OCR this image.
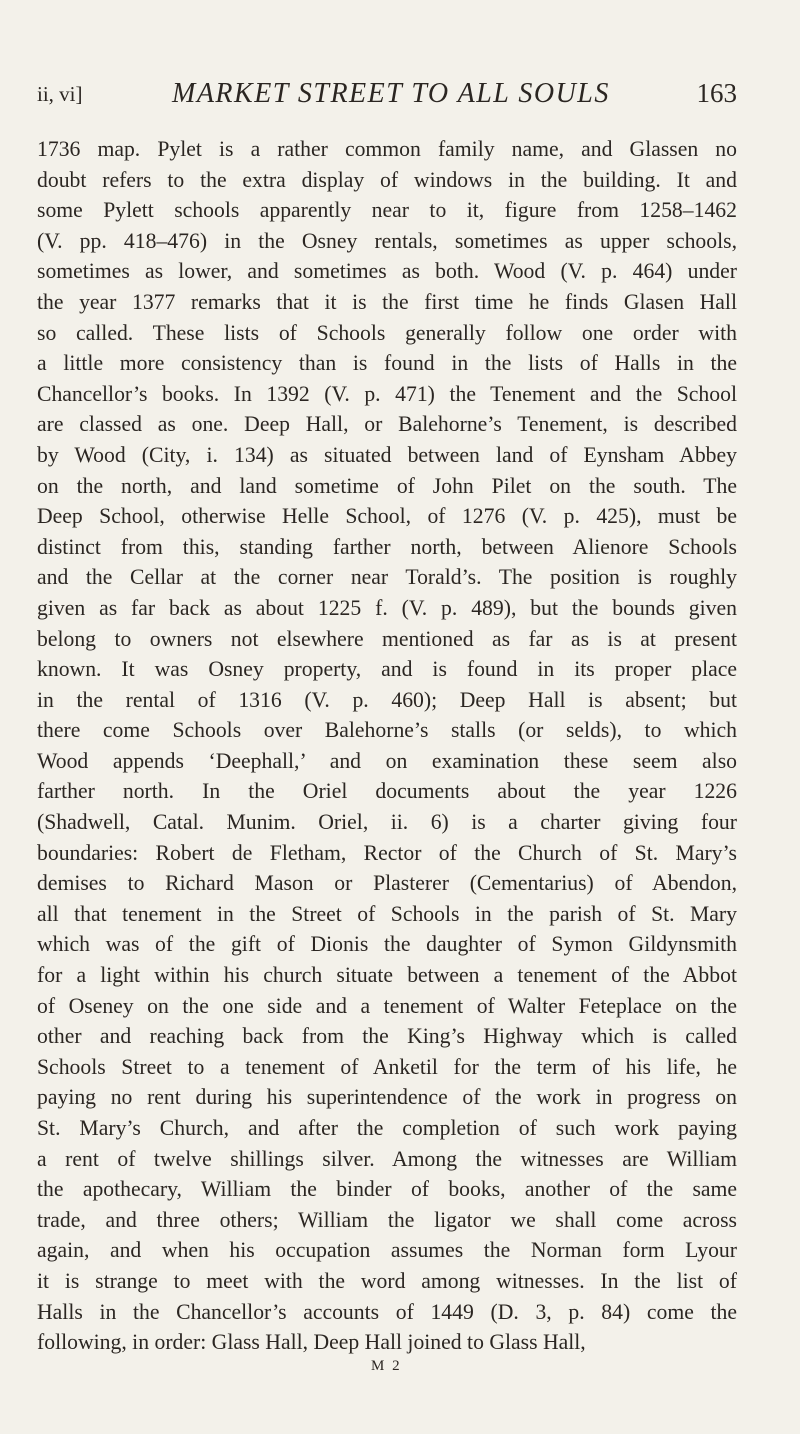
ii, vi]	MARKET STREET TO ALL SOULS	163
1736 map. Pylet is a rather common family name, and Glassen no
doubt refers to the extra display of windows in the building. It and
some Pylett schools apparently near to it, figure from 1258–1462
(V. pp. 418–476) in the Osney rentals, sometimes as upper schools,
sometimes as lower, and sometimes as both. Wood (V. p. 464) under
the year 1377 remarks that it is the first time he finds Glasen Hall
so called. These lists of Schools generally follow one order with
a little more consistency than is found in the lists of Halls in the
Chancellor’s books. In 1392 (V. p. 471) the Tenement and the School
are classed as one. Deep Hall, or Balehorne’s Tenement, is described
by Wood (City, i. 134) as situated between land of Eynsham Abbey
on the north, and land sometime of John Pilet on the south. The
Deep School, otherwise Helle School, of 1276 (V. p. 425), must be
distinct from this, standing farther north, between Alienore Schools
and the Cellar at the corner near Torald’s. The position is roughly
given as far back as about 1225 f. (V. p. 489), but the bounds given
belong to owners not elsewhere mentioned as far as is at present
known. It was Osney property, and is found in its proper place
in the rental of 1316 (V. p. 460); Deep Hall is absent; but
there come Schools over Balehorne’s stalls (or selds), to which
Wood appends ‘Deephall,’ and on examination these seem also
farther north. In the Oriel documents about the year 1226
(Shadwell, Catal. Munim. Oriel, ii. 6) is a charter giving four
boundaries: Robert de Fletham, Rector of the Church of St. Mary’s
demises to Richard Mason or Plasterer (Cementarius) of Abendon,
all that tenement in the Street of Schools in the parish of St. Mary
which was of the gift of Dionis the daughter of Symon Gildynsmith
for a light within his church situate between a tenement of the Abbot
of Oseney on the one side and a tenement of Walter Feteplace on the
other and reaching back from the King’s Highway which is called
Schools Street to a tenement of Anketil for the term of his life, he
paying no rent during his superintendence of the work in progress on
St. Mary’s Church, and after the completion of such work paying
a rent of twelve shillings silver. Among the witnesses are William
the apothecary, William the binder of books, another of the same
trade, and three others; William the ligator we shall come across
again, and when his occupation assumes the Norman form Lyour
it is strange to meet with the word among witnesses. In the list of
Halls in the Chancellor’s accounts of 1449 (D. 3, p. 84) come the
following, in order: Glass Hall, Deep Hall joined to Glass Hall,
M 2
